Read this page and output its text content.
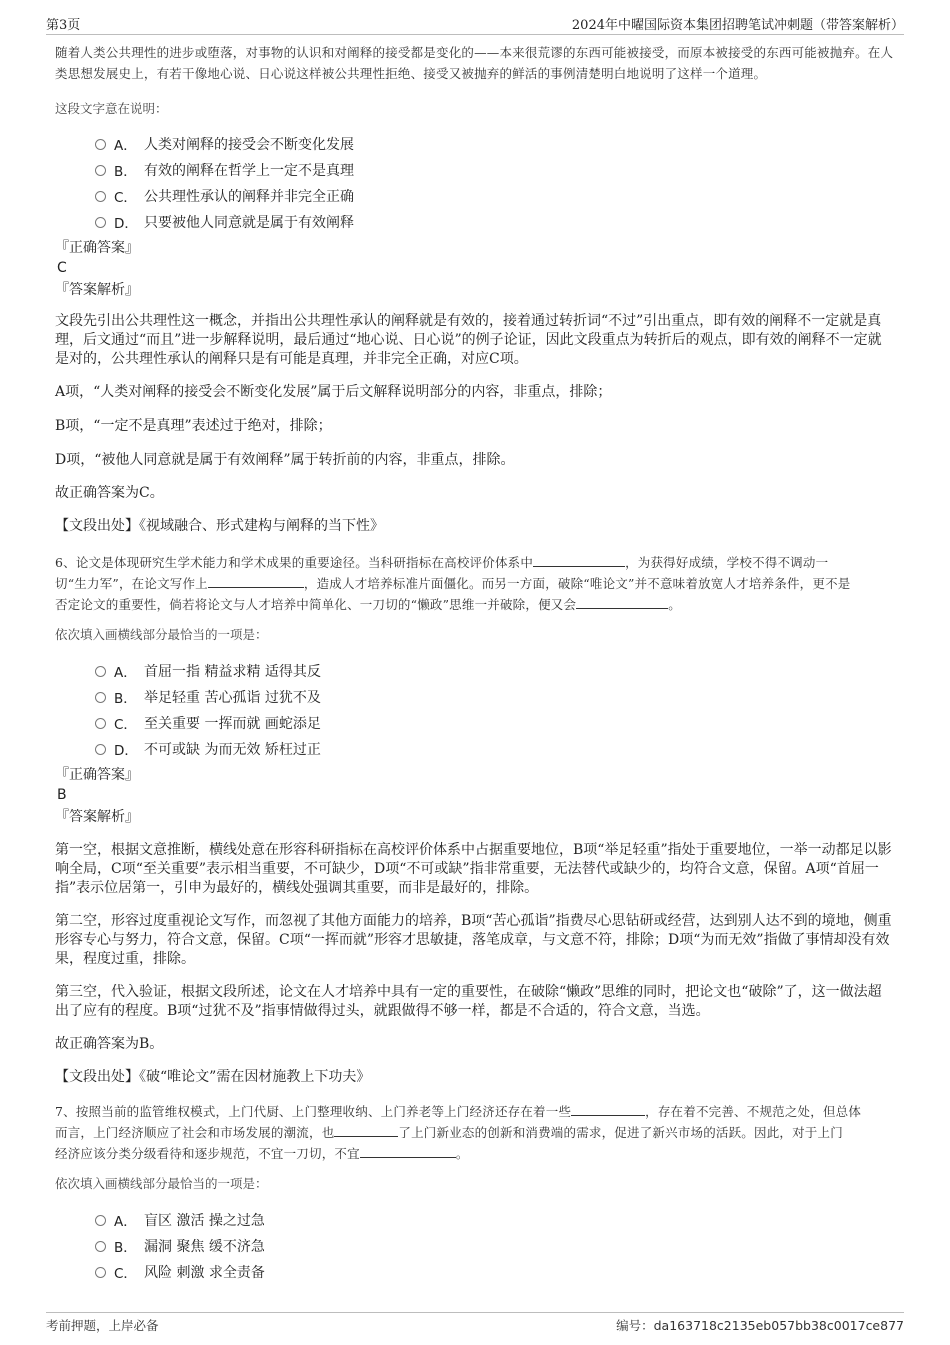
第3页	2024年中曜国际资本集团招聘笔试冲刺题（带答案解析）

随着人类公共理性的进步或堕落，对事物的认识和对阐释的接受都是变化的——本来很荒谬的东西可能被接受，而原本被接受的东西可能被抛弃。在人类思想发展史上，有若干像地心说、日心说这样被公共理性拒绝、接受又被抛弃的鲜活的事例清楚明白地说明了这样一个道理。

这段文字意在说明：

A． 人类对阐释的接受会不断变化发展
B． 有效的阐释在哲学上一定不是真理
C． 公共理性承认的阐释并非完全正确
D． 只要被他人同意就是属于有效阐释

『正确答案』

C

『答案解析』

文段先引出公共理性这一概念，并指出公共理性承认的阐释就是有效的，接着通过转折词“不过”引出重点，即有效的阐释不一定就是真理，后文通过“而且”进一步解释说明，最后通过“地心说、日心说”的例子论证，因此文段重点为转折后的观点，即有效的阐释不一定就是对的，公共理性承认的阐释只是有可能是真理，并非完全正确，对应C项。

A项，“人类对阐释的接受会不断变化发展”属于后文解释说明部分的内容，非重点，排除；

B项，“一定不是真理”表述过于绝对，排除；

D项，“被他人同意就是属于有效阐释”属于转折前的内容，非重点，排除。

故正确答案为C。

【文段出处】《视域融合、形式建构与阐释的当下性》

6、论文是体现研究生学术能力和学术成果的重要途径。当科研指标在高校评价体系中	，为获得好成绩，学校不得不调动一
切“生力军”，在论文写作上	，造成人才培养标准片面僵化。而另一方面，破除“唯论文”并不意味着放宽人才培养条件，更不是
否定论文的重要性，倘若将论文与人才培养中简单化、一刀切的“懒政”思维一并破除，便又会	。

依次填入画横线部分最恰当的一项是：

A． 首屈一指 精益求精 适得其反
B． 举足轻重 苦心孤诣 过犹不及
C． 至关重要 一挥而就 画蛇添足
D． 不可或缺 为而无效 矫枉过正

『正确答案』

B

『答案解析』

第一空，根据文意推断，横线处意在形容科研指标在高校评价体系中占据重要地位，B项“举足轻重”指处于重要地位，一举一动都足以影响全局，C项“至关重要”表示相当重要，不可缺少，D项“不可或缺”指非常重要，无法替代或缺少的，均符合文意，保留。A项“首屈一指”表示位居第一，引申为最好的，横线处强调其重要，而非是最好的，排除。

第二空，形容过度重视论文写作，而忽视了其他方面能力的培养，B项“苦心孤诣”指费尽心思钻研或经营，达到别人达不到的境地，侧重形容专心与努力，符合文意，保留。C项“一挥而就”形容才思敏捷，落笔成章，与文意不符，排除；D项“为而无效”指做了事情却没有效果，程度过重，排除。

第三空，代入验证，根据文段所述，论文在人才培养中具有一定的重要性，在破除“懒政”思维的同时，把论文也“破除”了，这一做法超出了应有的程度。B项“过犹不及”指事情做得过头，就跟做得不够一样，都是不合适的，符合文意，当选。

故正确答案为B。

【文段出处】《破“唯论文”需在因材施教上下功夫》

7、按照当前的监管维权模式，上门代厨、上门整理收纳、上门养老等上门经济还存在着一些	，存在着不完善、不规范之处，但总体
而言，上门经济顺应了社会和市场发展的潮流，也	了上门新业态的创新和消费端的需求，促进了新兴市场的活跃。因此，对于上门
经济应该分类分级看待和逐步规范，不宜一刀切，不宜	。

依次填入画横线部分最恰当的一项是：

A． 盲区 激活 操之过急
B． 漏洞 聚焦 缓不济急
C． 风险 刺激 求全责备
考前押题，上岸必备	编号：da163718c2135eb057bb38c0017ce877
